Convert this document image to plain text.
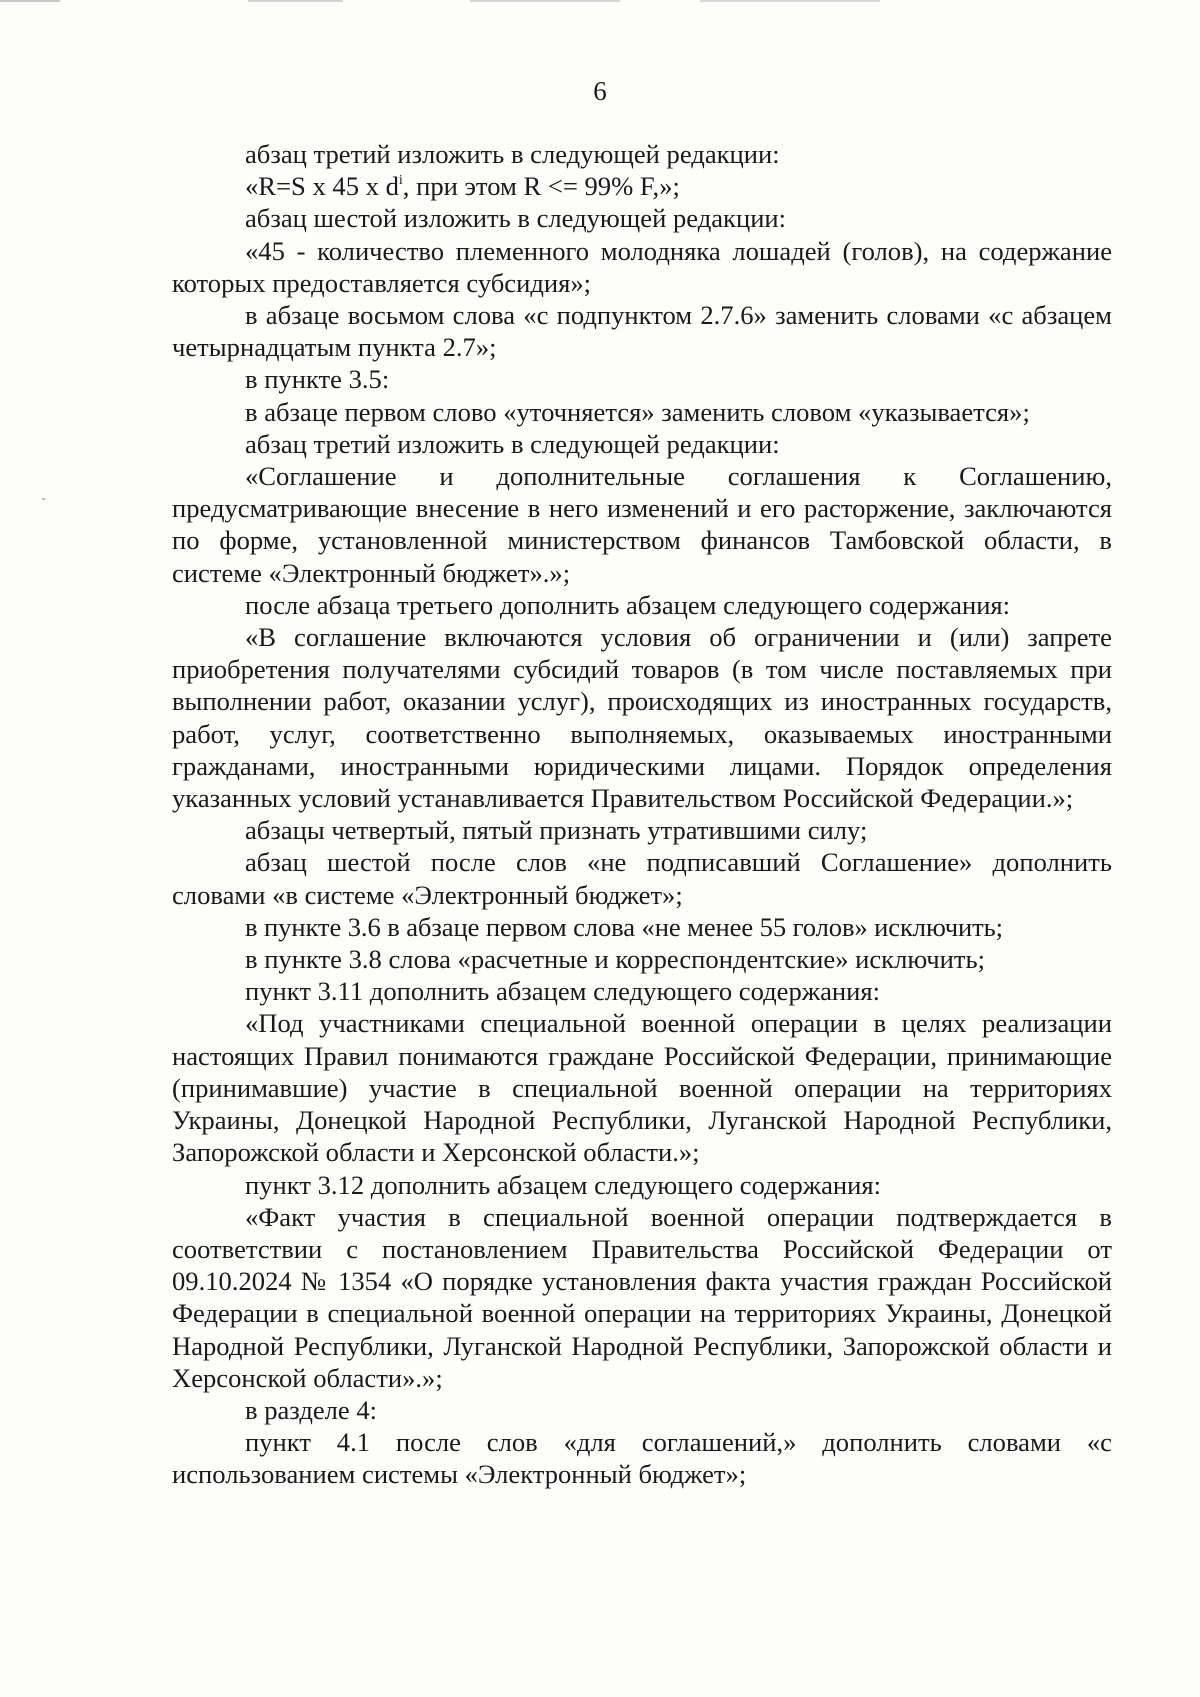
6

абзац третий изложить в следующей редакции:

«R=S x 45 x $d^i$, при этом R <= 99% F,»;

абзац шестой изложить в следующей редакции:

«45 - количество племенного молодняка лошадей (голов), на содержание которых предоставляется субсидия»;

в абзаце восьмом слова «с подпунктом 2.7.6» заменить словами «с абзацем четырнадцатым пункта 2.7»;

в пункте 3.5:

в абзаце первом слово «уточняется» заменить словом «указывается»;

абзац третий изложить в следующей редакции:

«Соглашение и дополнительные соглашения к Соглашению, предусматривающие внесение в него изменений и его расторжение, заключаются по форме, установленной министерством финансов Тамбовской области, в системе «Электронный бюджет».»;

после абзаца третьего дополнить абзацем следующего содержания:

«В соглашение включаются условия об ограничении и (или) запрете приобретения получателями субсидий товаров (в том числе поставляемых при выполнении работ, оказании услуг), происходящих из иностранных государств, работ, услуг, соответственно выполняемых, оказываемых иностранными гражданами, иностранными юридическими лицами. Порядок определения указанных условий устанавливается Правительством Российской Федерации.»;

абзацы четвертый, пятый признать утратившими силу;

абзац шестой после слов «не подписавший Соглашение» дополнить словами «в системе «Электронный бюджет»;

в пункте 3.6 в абзаце первом слова «не менее 55 голов» исключить;

в пункте 3.8 слова «расчетные и корреспондентские» исключить;

пункт 3.11 дополнить абзацем следующего содержания:

«Под участниками специальной военной операции в целях реализации настоящих Правил понимаются граждане Российской Федерации, принимающие (принимавшие) участие в специальной военной операции на территориях Украины, Донецкой Народной Республики, Луганской Народной Республики, Запорожской области и Херсонской области.»;

пункт 3.12 дополнить абзацем следующего содержания:

«Факт участия в специальной военной операции подтверждается в соответствии с постановлением Правительства Российской Федерации от 09.10.2024 № 1354 «О порядке установления факта участия граждан Российской Федерации в специальной военной операции на территориях Украины, Донецкой Народной Республики, Луганской Народной Республики, Запорожской области и Херсонской области».»;

в разделе 4:

пункт 4.1 после слов «для соглашений,» дополнить словами «с использованием системы «Электронный бюджет»;
